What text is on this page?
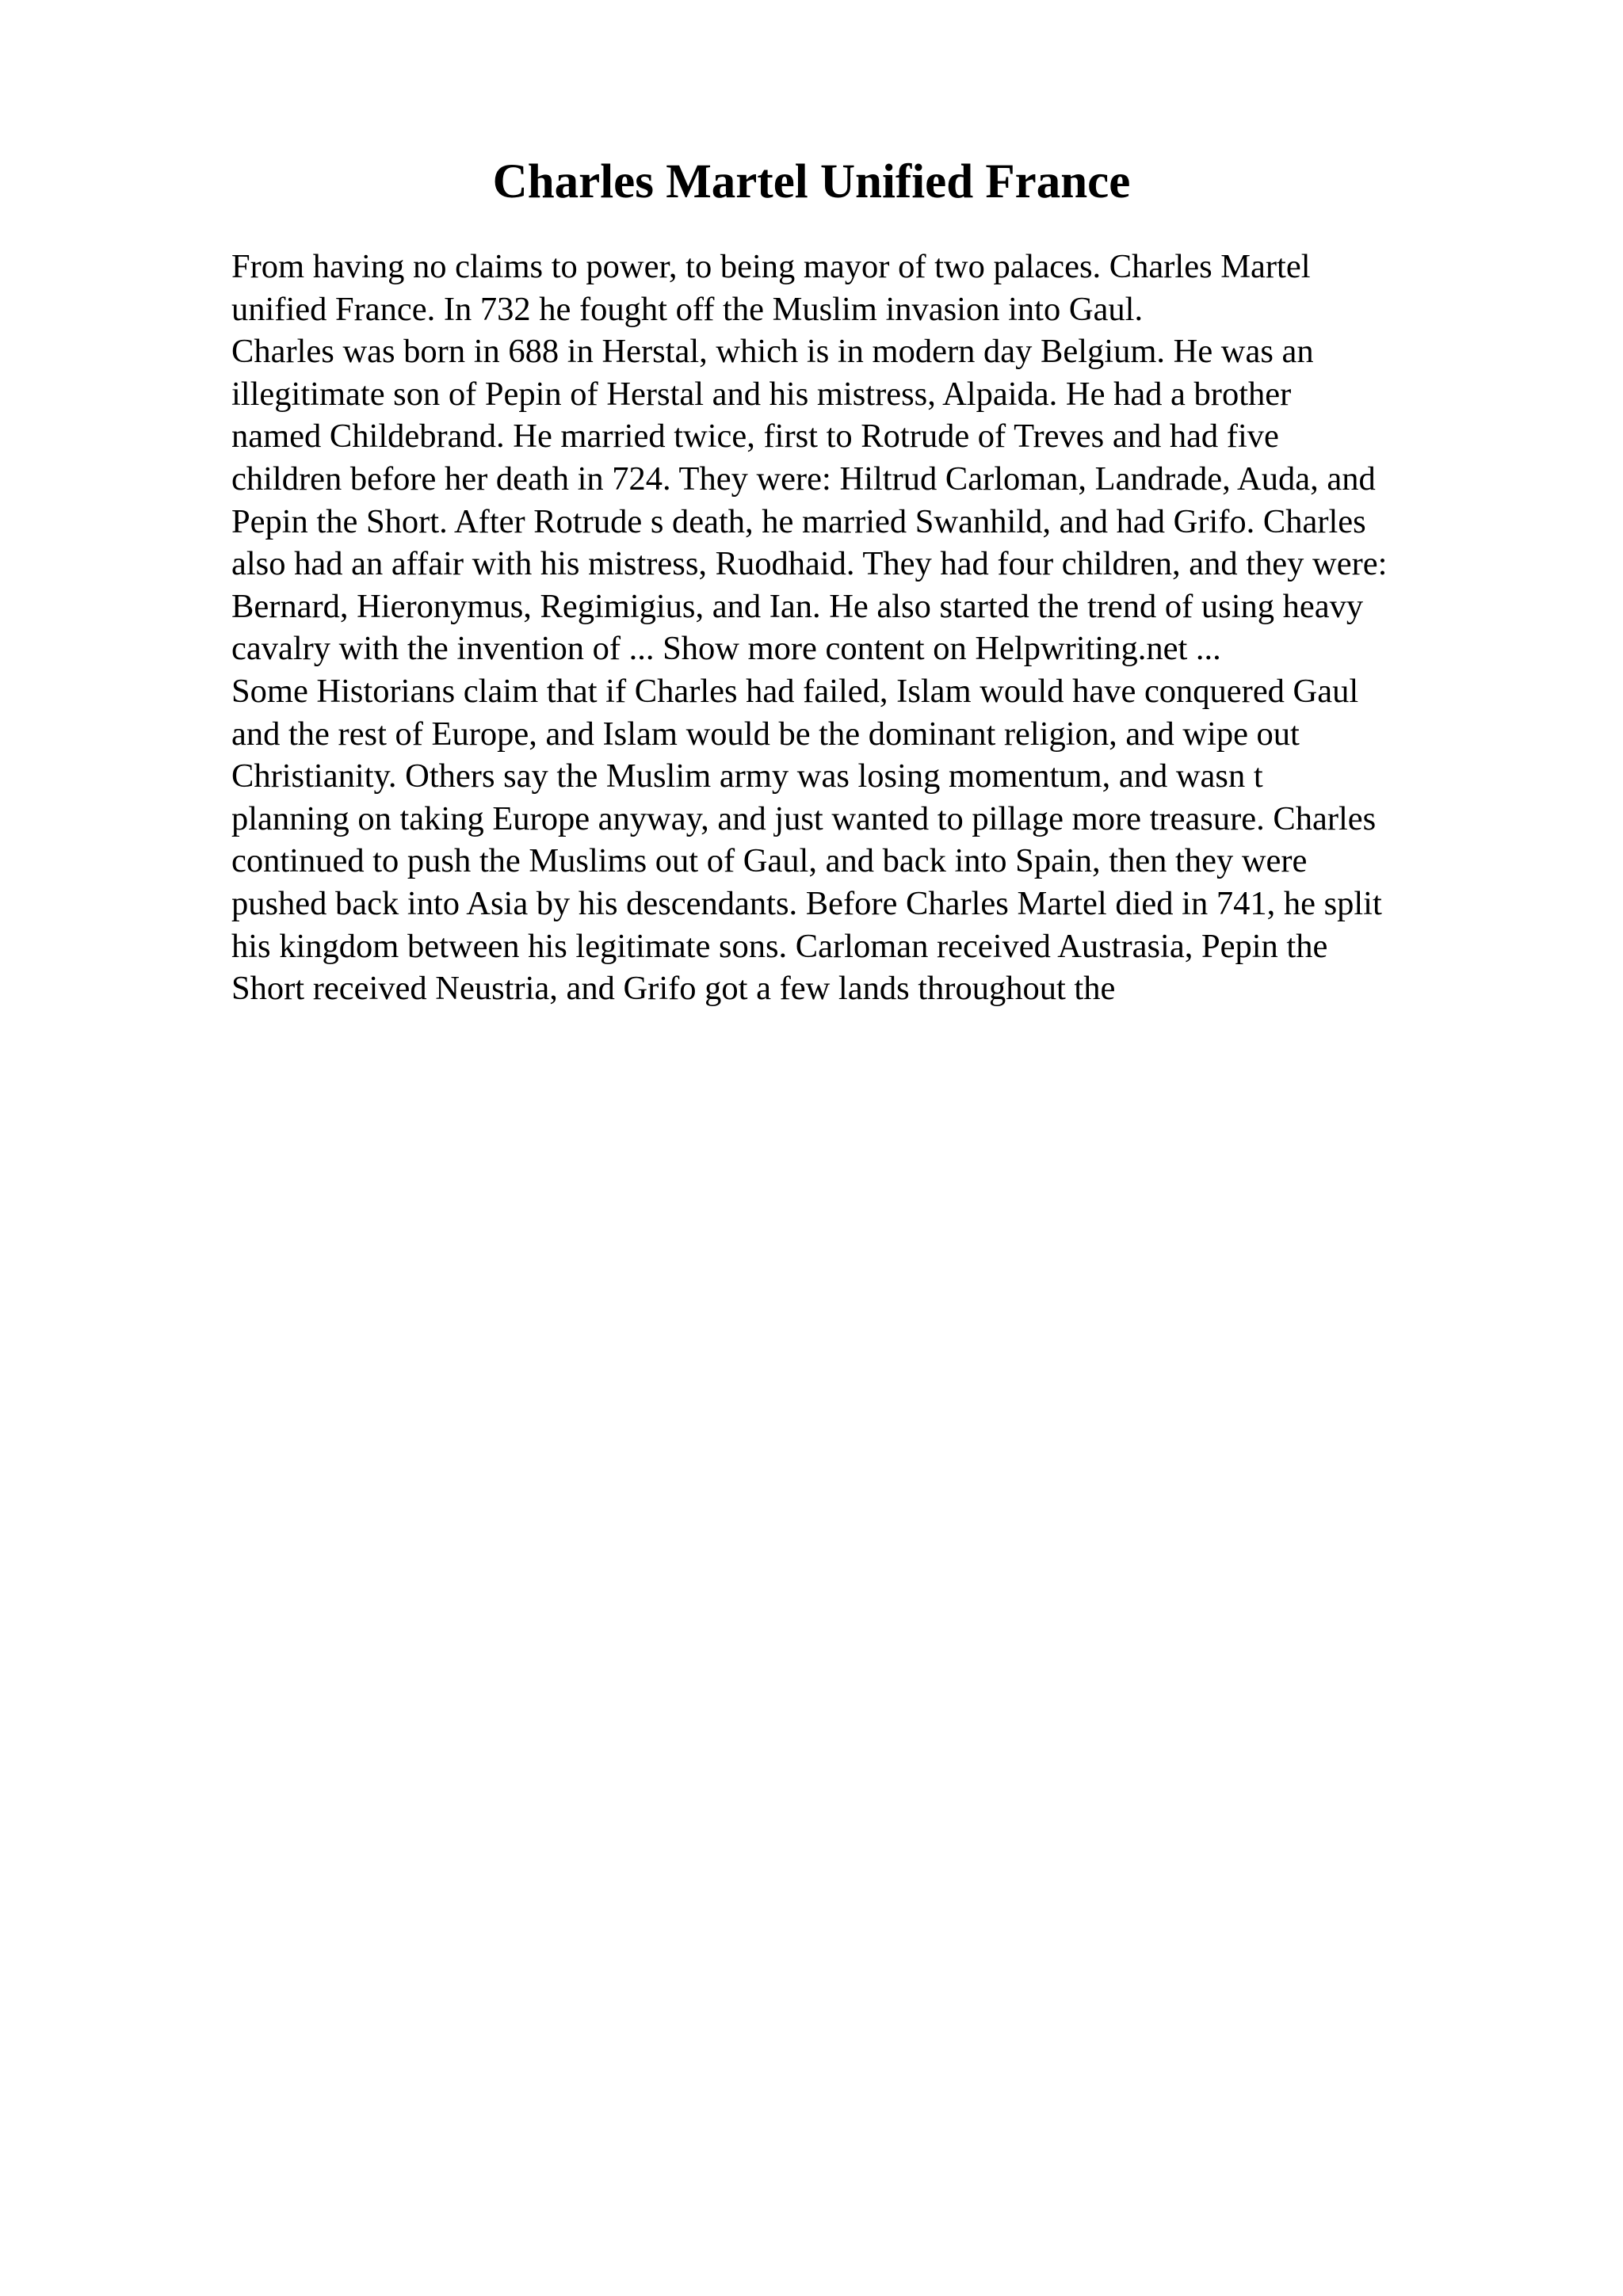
Charles Martel Unified France
From having no claims to power, to being mayor of two palaces. Charles Martel
unified France. In 732 he fought off the Muslim invasion into Gaul.
Charles was born in 688 in Herstal, which is in modern day Belgium. He was an
illegitimate son of Pepin of Herstal and his mistress, Alpaida. He had a brother
named Childebrand. He married twice, first to Rotrude of Treves and had five
children before her death in 724. They were: Hiltrud Carloman, Landrade, Auda, and
Pepin the Short. After Rotrude s death, he married Swanhild, and had Grifo. Charles
also had an affair with his mistress, Ruodhaid. They had four children, and they were:
Bernard, Hieronymus, Regimigius, and Ian. He also started the trend of using heavy
cavalry with the invention of ... Show more content on Helpwriting.net ...
Some Historians claim that if Charles had failed, Islam would have conquered Gaul
and the rest of Europe, and Islam would be the dominant religion, and wipe out
Christianity. Others say the Muslim army was losing momentum, and wasn t
planning on taking Europe anyway, and just wanted to pillage more treasure. Charles
continued to push the Muslims out of Gaul, and back into Spain, then they were
pushed back into Asia by his descendants. Before Charles Martel died in 741, he split
his kingdom between his legitimate sons. Carloman received Austrasia, Pepin the
Short received Neustria, and Grifo got a few lands throughout the
